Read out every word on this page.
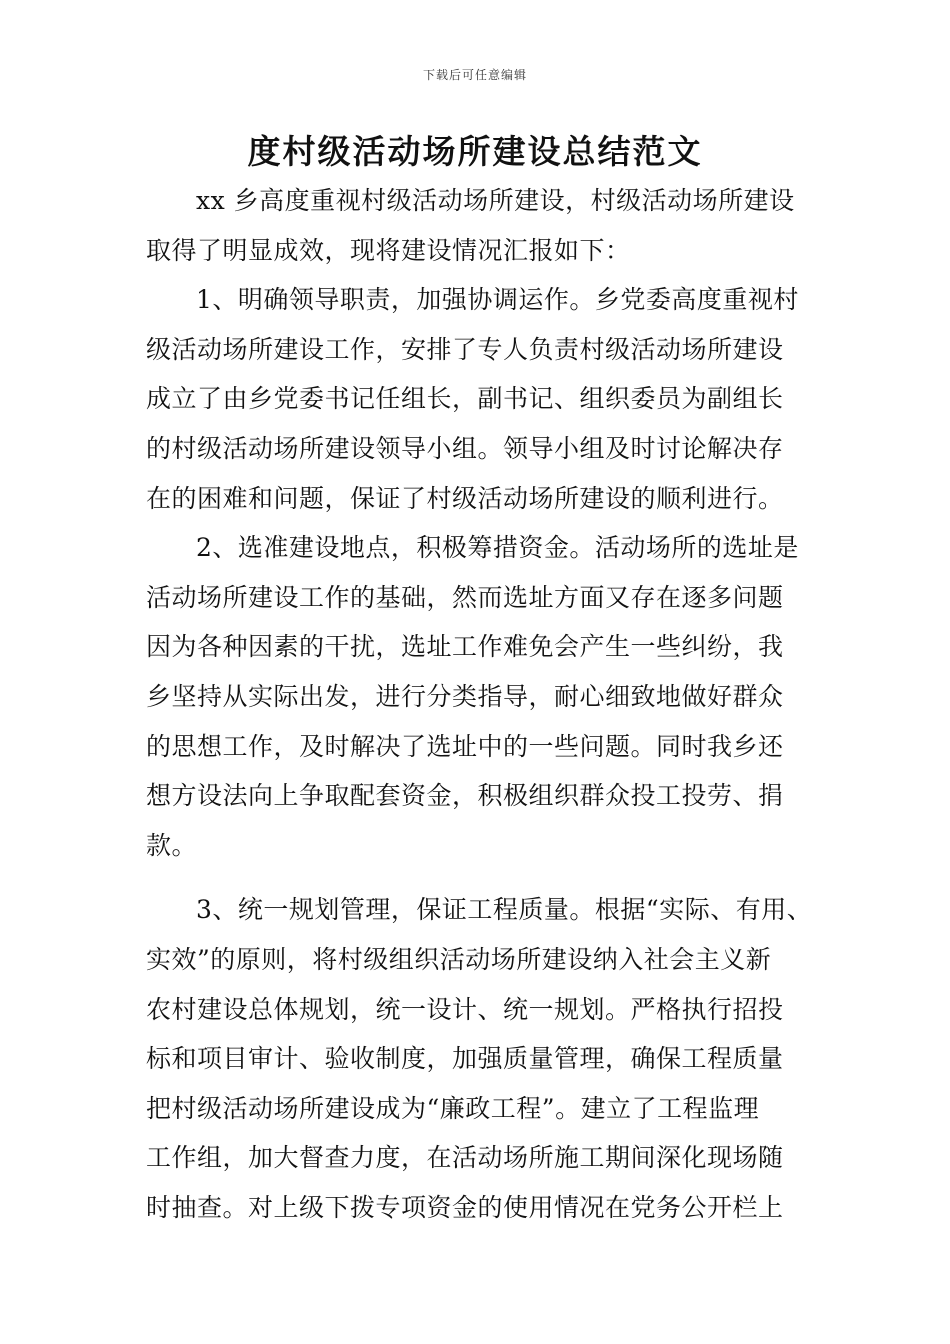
下载后可任意编辑
度村级活动场所建设总结范文
xx 乡高度重视村级活动场所建设，村级活动场所建设
取得了明显成效，现将建设情况汇报如下：
1、明确领导职责，加强协调运作。乡党委高度重视村
级活动场所建设工作，安排了专人负责村级活动场所建设
成立了由乡党委书记任组长，副书记、组织委员为副组长
的村级活动场所建设领导小组。领导小组及时讨论解决存
在的困难和问题，保证了村级活动场所建设的顺利进行。
2、选准建设地点，积极筹措资金。活动场所的选址是
活动场所建设工作的基础，然而选址方面又存在逐多问题
因为各种因素的干扰，选址工作难免会产生一些纠纷，我
乡坚持从实际出发，进行分类指导，耐心细致地做好群众
的思想工作，及时解决了选址中的一些问题。同时我乡还
想方设法向上争取配套资金，积极组织群众投工投劳、捐
款。
3、统一规划管理，保证工程质量。根据“实际、有用、
实效”的原则，将村级组织活动场所建设纳入社会主义新
农村建设总体规划，统一设计、统一规划。严格执行招投
标和项目审计、验收制度，加强质量管理，确保工程质量
把村级活动场所建设成为“廉政工程”。建立了工程监理
工作组，加大督查力度，在活动场所施工期间深化现场随
时抽查。对上级下拨专项资金的使用情况在党务公开栏上
